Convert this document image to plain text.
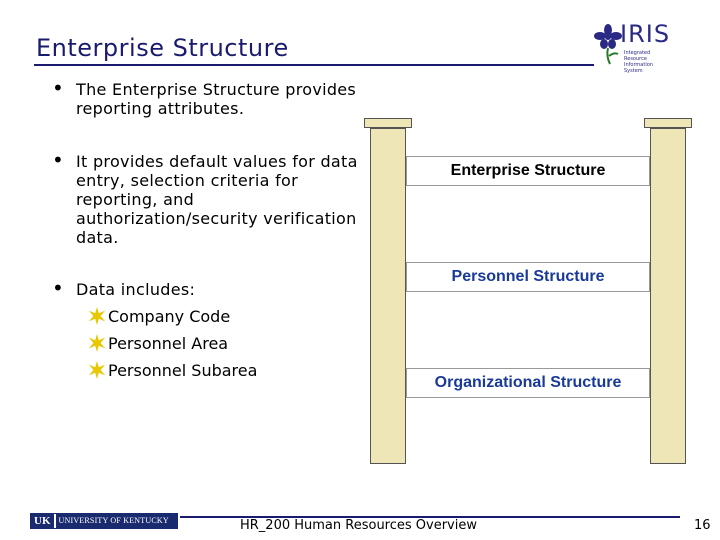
Enterprise Structure	IRIS
Integrated Resource Information System
• The Enterprise Structure provides reporting attributes.
• It provides default values for data entry, selection criteria for reporting, and authorization/security verification data.
• Data includes:
Company Code
Personnel Area
Personnel Subarea
Enterprise Structure
Personnel Structure
Organizational Structure
UK	UNIVERSITY OF KENTUCKY	HR_200 Human Resources Overview	16
